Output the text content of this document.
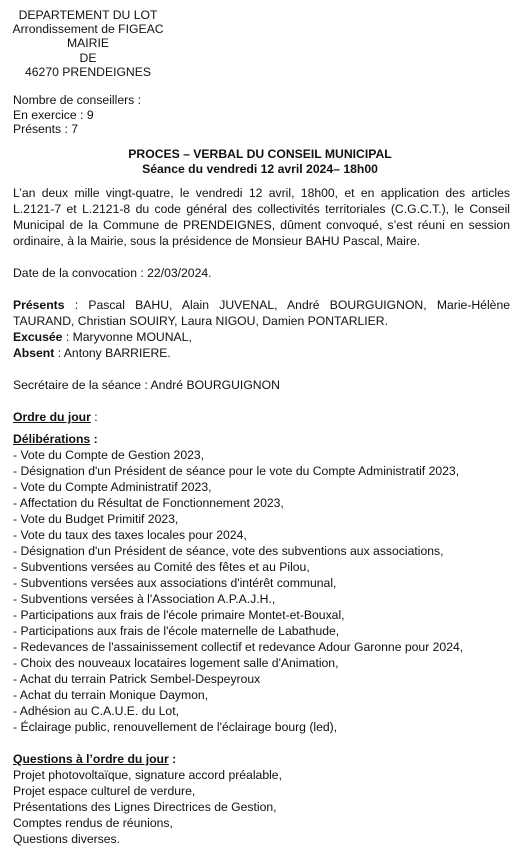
DEPARTEMENT DU LOT
Arrondissement de FIGEAC
MAIRIE
DE
46270 PRENDEIGNES
Nombre de conseillers :
En exercice : 9
Présents : 7
PROCES – VERBAL DU CONSEIL MUNICIPAL
Séance du vendredi 12 avril 2024– 18h00

L’an deux mille vingt-quatre, le vendredi 12 avril, 18h00, et en application des articles L.2121-7 et L.2121-8 du code général des collectivités territoriales (C.G.C.T.), le Conseil Municipal de la Commune de PRENDEIGNES, dûment convoqué, s’est réuni en session ordinaire, à la Mairie, sous la présidence de Monsieur BAHU Pascal, Maire.

Date de la convocation : 22/03/2024.

Présents : Pascal BAHU, Alain JUVENAL, André BOURGUIGNON, Marie-Hélène TAURAND, Christian SOUIRY, Laura NIGOU, Damien PONTARLIER.

Excusée : Maryvonne MOUNAL,

Absent : Antony BARRIERE.

Secrétaire de la séance : André BOURGUIGNON

Ordre du jour :

Délibérations :

- Vote du Compte de Gestion 2023,
- Désignation d'un Président de séance pour le vote du Compte Administratif 2023,
- Vote du Compte Administratif 2023,
- Affectation du Résultat de Fonctionnement 2023,
- Vote du Budget Primitif 2023,
- Vote du taux des taxes locales pour 2024,
- Désignation d'un Président de séance, vote des subventions aux associations,
- Subventions versées au Comité des fêtes et au Pilou,
- Subventions versées aux associations d'intérêt communal,
- Subventions versées à l'Association A.P.A.J.H.,
- Participations aux frais de l'école primaire Montet-et-Bouxal,
- Participations aux frais de l'école maternelle de Labathude,
- Redevances de l'assainissement collectif et redevance Adour Garonne pour 2024,
- Choix des nouveaux locataires logement salle d'Animation,
- Achat du terrain Patrick Sembel-Despeyroux
- Achat du terrain Monique Daymon,
- Adhésion au C.A.U.E. du Lot,
- Éclairage public, renouvellement de l'éclairage bourg (led),

Questions à l’ordre du jour :

Projet photovoltaïque, signature accord préalable,
Projet espace culturel de verdure,
Présentations des Lignes Directrices de Gestion,
Comptes rendus de réunions,
Questions diverses.
